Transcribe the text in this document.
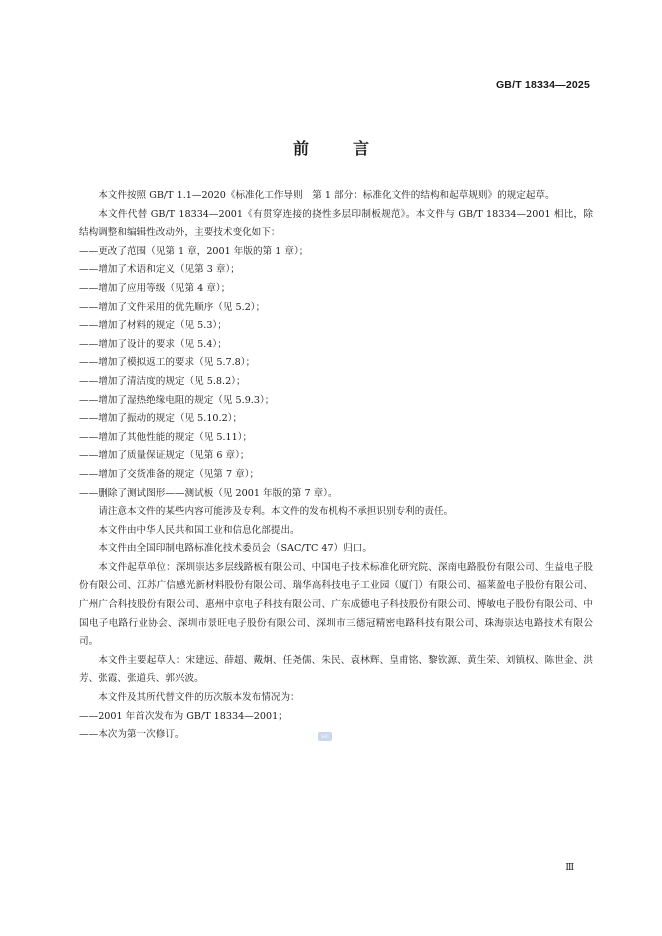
GB/T 18334—2025
前　言

本文件按照 GB/T 1.1—2020《标准化工作导则　第 1 部分：标准化文件的结构和起草规则》的规定起草。

本文件代替 GB/T 18334—2001《有贯穿连接的挠性多层印制板规范》。本文件与 GB/T 18334—2001 相比，除结构调整和编辑性改动外，主要技术变化如下：

——更改了范围（见第 1 章，2001 年版的第 1 章）；

——增加了术语和定义（见第 3 章）；

——增加了应用等级（见第 4 章）；

——增加了文件采用的优先顺序（见 5.2）；

——增加了材料的规定（见 5.3）；

——增加了设计的要求（见 5.4）；

——增加了模拟返工的要求（见 5.7.8）；

——增加了清洁度的规定（见 5.8.2）；

——增加了湿热绝缘电阻的规定（见 5.9.3）；

——增加了振动的规定（见 5.10.2）；

——增加了其他性能的规定（见 5.11）；

——增加了质量保证规定（见第 6 章）；

——增加了交货准备的规定（见第 7 章）；

——删除了测试图形——测试板（见 2001 年版的第 7 章）。

请注意本文件的某些内容可能涉及专利。本文件的发布机构不承担识别专利的责任。

本文件由中华人民共和国工业和信息化部提出。

本文件由全国印制电路标准化技术委员会（SAC/TC 47）归口。

本文件起草单位：深圳崇达多层线路板有限公司、中国电子技术标准化研究院、深南电路股份有限公司、生益电子股份有限公司、江苏广信感光新材料股份有限公司、瑞华高科技电子工业园（厦门）有限公司、福莱盈电子股份有限公司、广州广合科技股份有限公司、惠州中京电子科技有限公司、广东成德电子科技股份有限公司、博敏电子股份有限公司、中国电子电路行业协会、深圳市景旺电子股份有限公司、深圳市三德冠精密电路科技有限公司、珠海崇达电路技术有限公司。

本文件主要起草人：宋建远、薛超、戴炯、任尧儒、朱民、袁林辉、皇甫铭、黎钦源、黄生荣、刘镇权、陈世金、洪芳、张霞、张道兵、郭兴波。

本文件及其所代替文件的历次版本发布情况为：

——2001 年首次发布为 GB/T 18334—2001；

——本次为第一次修订。	SAC
Ⅲ
